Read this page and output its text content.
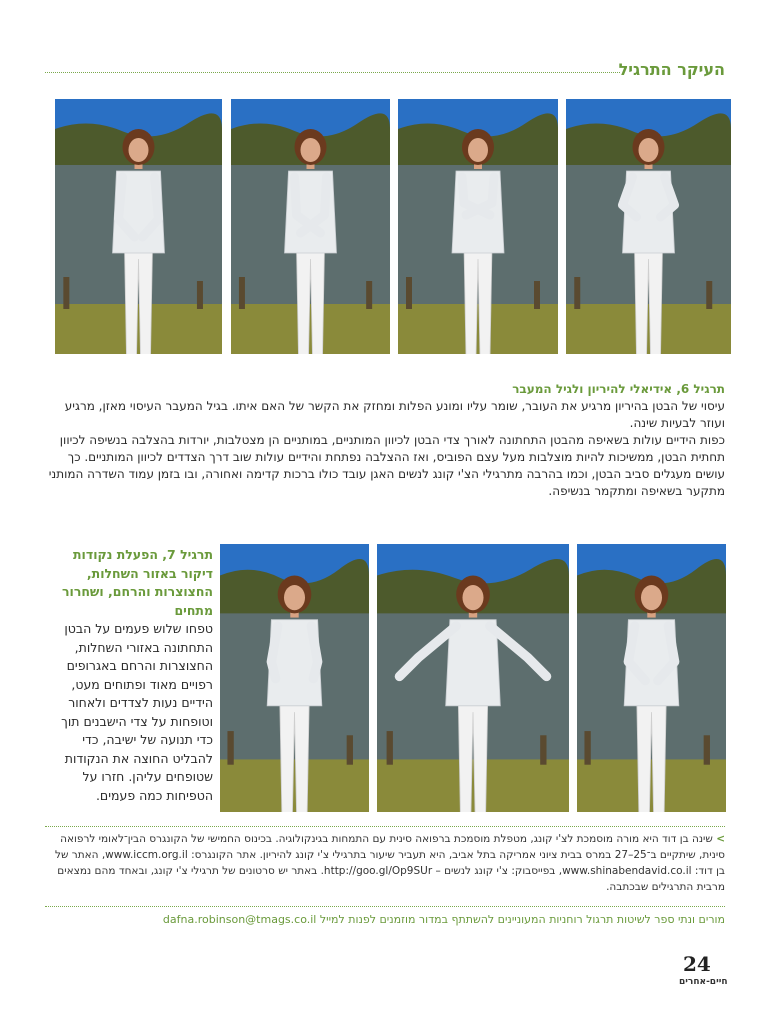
העיקר התרגיל

תרגיל 6, אידיאלי להיריון ולגיל המעבר

עיסוי של הבטן בהיריון מרגיע את העובר, שומר עליו ומונע הפלות ומחזק את הקשר של האם איתו. בגיל המעבר העיסוי מאזן, מרגיע ועוזר לבעיות שינה.

כפות הידיים עולות בשאיפה מהבטן התחתונה לאורך צדי הבטן לכיוון המותניים, במותניים הן מצטלבות, יורדות בהצלבה בנשיפה לכיוון תחתית הבטן, ממשיכות להיות מוצלבות מעל עצם הפוביס, ואז ההצלבה נפתחת והידיים עולות שוב דרך הצדדים לכיוון המותניים. כך עושים מעגלים סביב הבטן, וכמו בהרבה מתרגילי הצ'י קונג לנשים האגן עובד כולו ברכות קדימה ואחורה, ובו בזמן עמוד השדרה המותני מתקער בשאיפה ומתקמר בנשיפה.

תרגיל 7, הפעלת נקודות דיקור באזור השחלות, החצוצרות והרחם, ושחרור מתחים

טפחו שלוש פעמים על הבטן התחתונה באזורי השחלות, החצוצרות והרחם באגרופים רפויים מאוד ופתוחים מעט, הידיים נעות לצדדים ולאחור וטופחות על צדי הישבנים תוך כדי תנועה של ישיבה, כדי להבליט החוצה את הנקודות שטופחים עליהן. חזרו על הטפיחות כמה פעמים.

> שינה בן דוד היא מורה מוסמכת לצ'י קונג, מטפלת מוסמכת ברפואה סינית עם התמחות בגינקולוגיה. בכינוס החמישי של הקונגרס הבין־לאומי לרפואה סינית, שיתקיים ב־25–27 במרס בבית ציוני אמריקה בתל אביב, היא תעביר שיעור בתרגילי צ'י קונג להיריון. אתר הקונגרס: www.iccm.org.il, האתר של בן דוד: www.shinabendavid.co.il, בפייסבוק: צ'י קונג לנשים – http://goo.gl/Op9SUr. באתר יש סרטונים של תרגילי צ'י קונג, ובאחד מהם נמצאים מרבית התרגילים שבכתבה.
מורים ונתי ספר לשיטות תרגול רוחניות המעוניינים להשתתף במדור מוזמנים לפנות למייל dafna.robinson@tmags.co.il
24
חיים-אחרים
